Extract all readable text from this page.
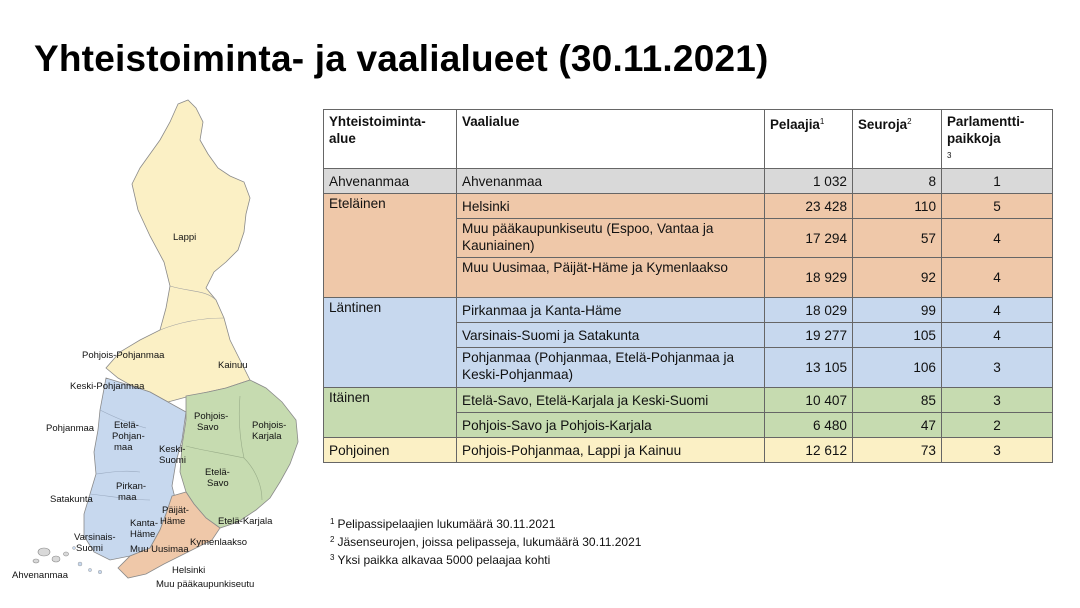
Yhteistoiminta- ja vaalialueet (30.11.2021)
Lappi
Pohjois-Pohjanmaa
Kainuu
Keski-Pohjanmaa
Pohjanmaa Etelä- Pohjan- maa
Pohjois- Savo	Pohjois- Karjala
Keski- Suomi
Etelä- Savo
Satakunta
Pirkan- maa
Päijät- Häme
Kanta- Häme
Etelä-Karjala
Varsinais- Suomi
Kymenlaakso
Muu Uusimaa
Helsinki
Muu pääkaupunkiseutu
Ahvenanmaa
Yhteistoiminta-alue	Vaalialue	Pelaajia$^1$	Seuroja$^2$	Parlamentti-paikkoja$^3$
Ahvenanmaa	Ahvenanmaa	1 032	8	1
Eteläinen	Helsinki	23 428	110	5
	Muu pääkaupunkiseutu (Espoo, Vantaa ja Kauniainen)	17 294	57	4
	Muu Uusimaa, Päijät-Häme ja Kymenlaakso	18 929	92	4
Läntinen	Pirkanmaa ja Kanta-Häme	18 029	99	4
	Varsinais-Suomi ja Satakunta	19 277	105	4
	Pohjanmaa (Pohjanmaa, Etelä-Pohjanmaa ja Keski-Pohjanmaa)	13 105	106	3
Itäinen	Etelä-Savo, Etelä-Karjala ja Keski-Suomi	10 407	85	3
	Pohjois-Savo ja Pohjois-Karjala	6 480	47	2
Pohjoinen	Pohjois-Pohjanmaa, Lappi ja Kainuu	12 612	73	3
$^1$ Pelipassipelaajien lukumäärä 30.11.2021
$^2$ Jäsenseurojen, joissa pelipasseja, lukumäärä 30.11.2021
$^3$ Yksi paikka alkavaa 5000 pelaajaa kohti
